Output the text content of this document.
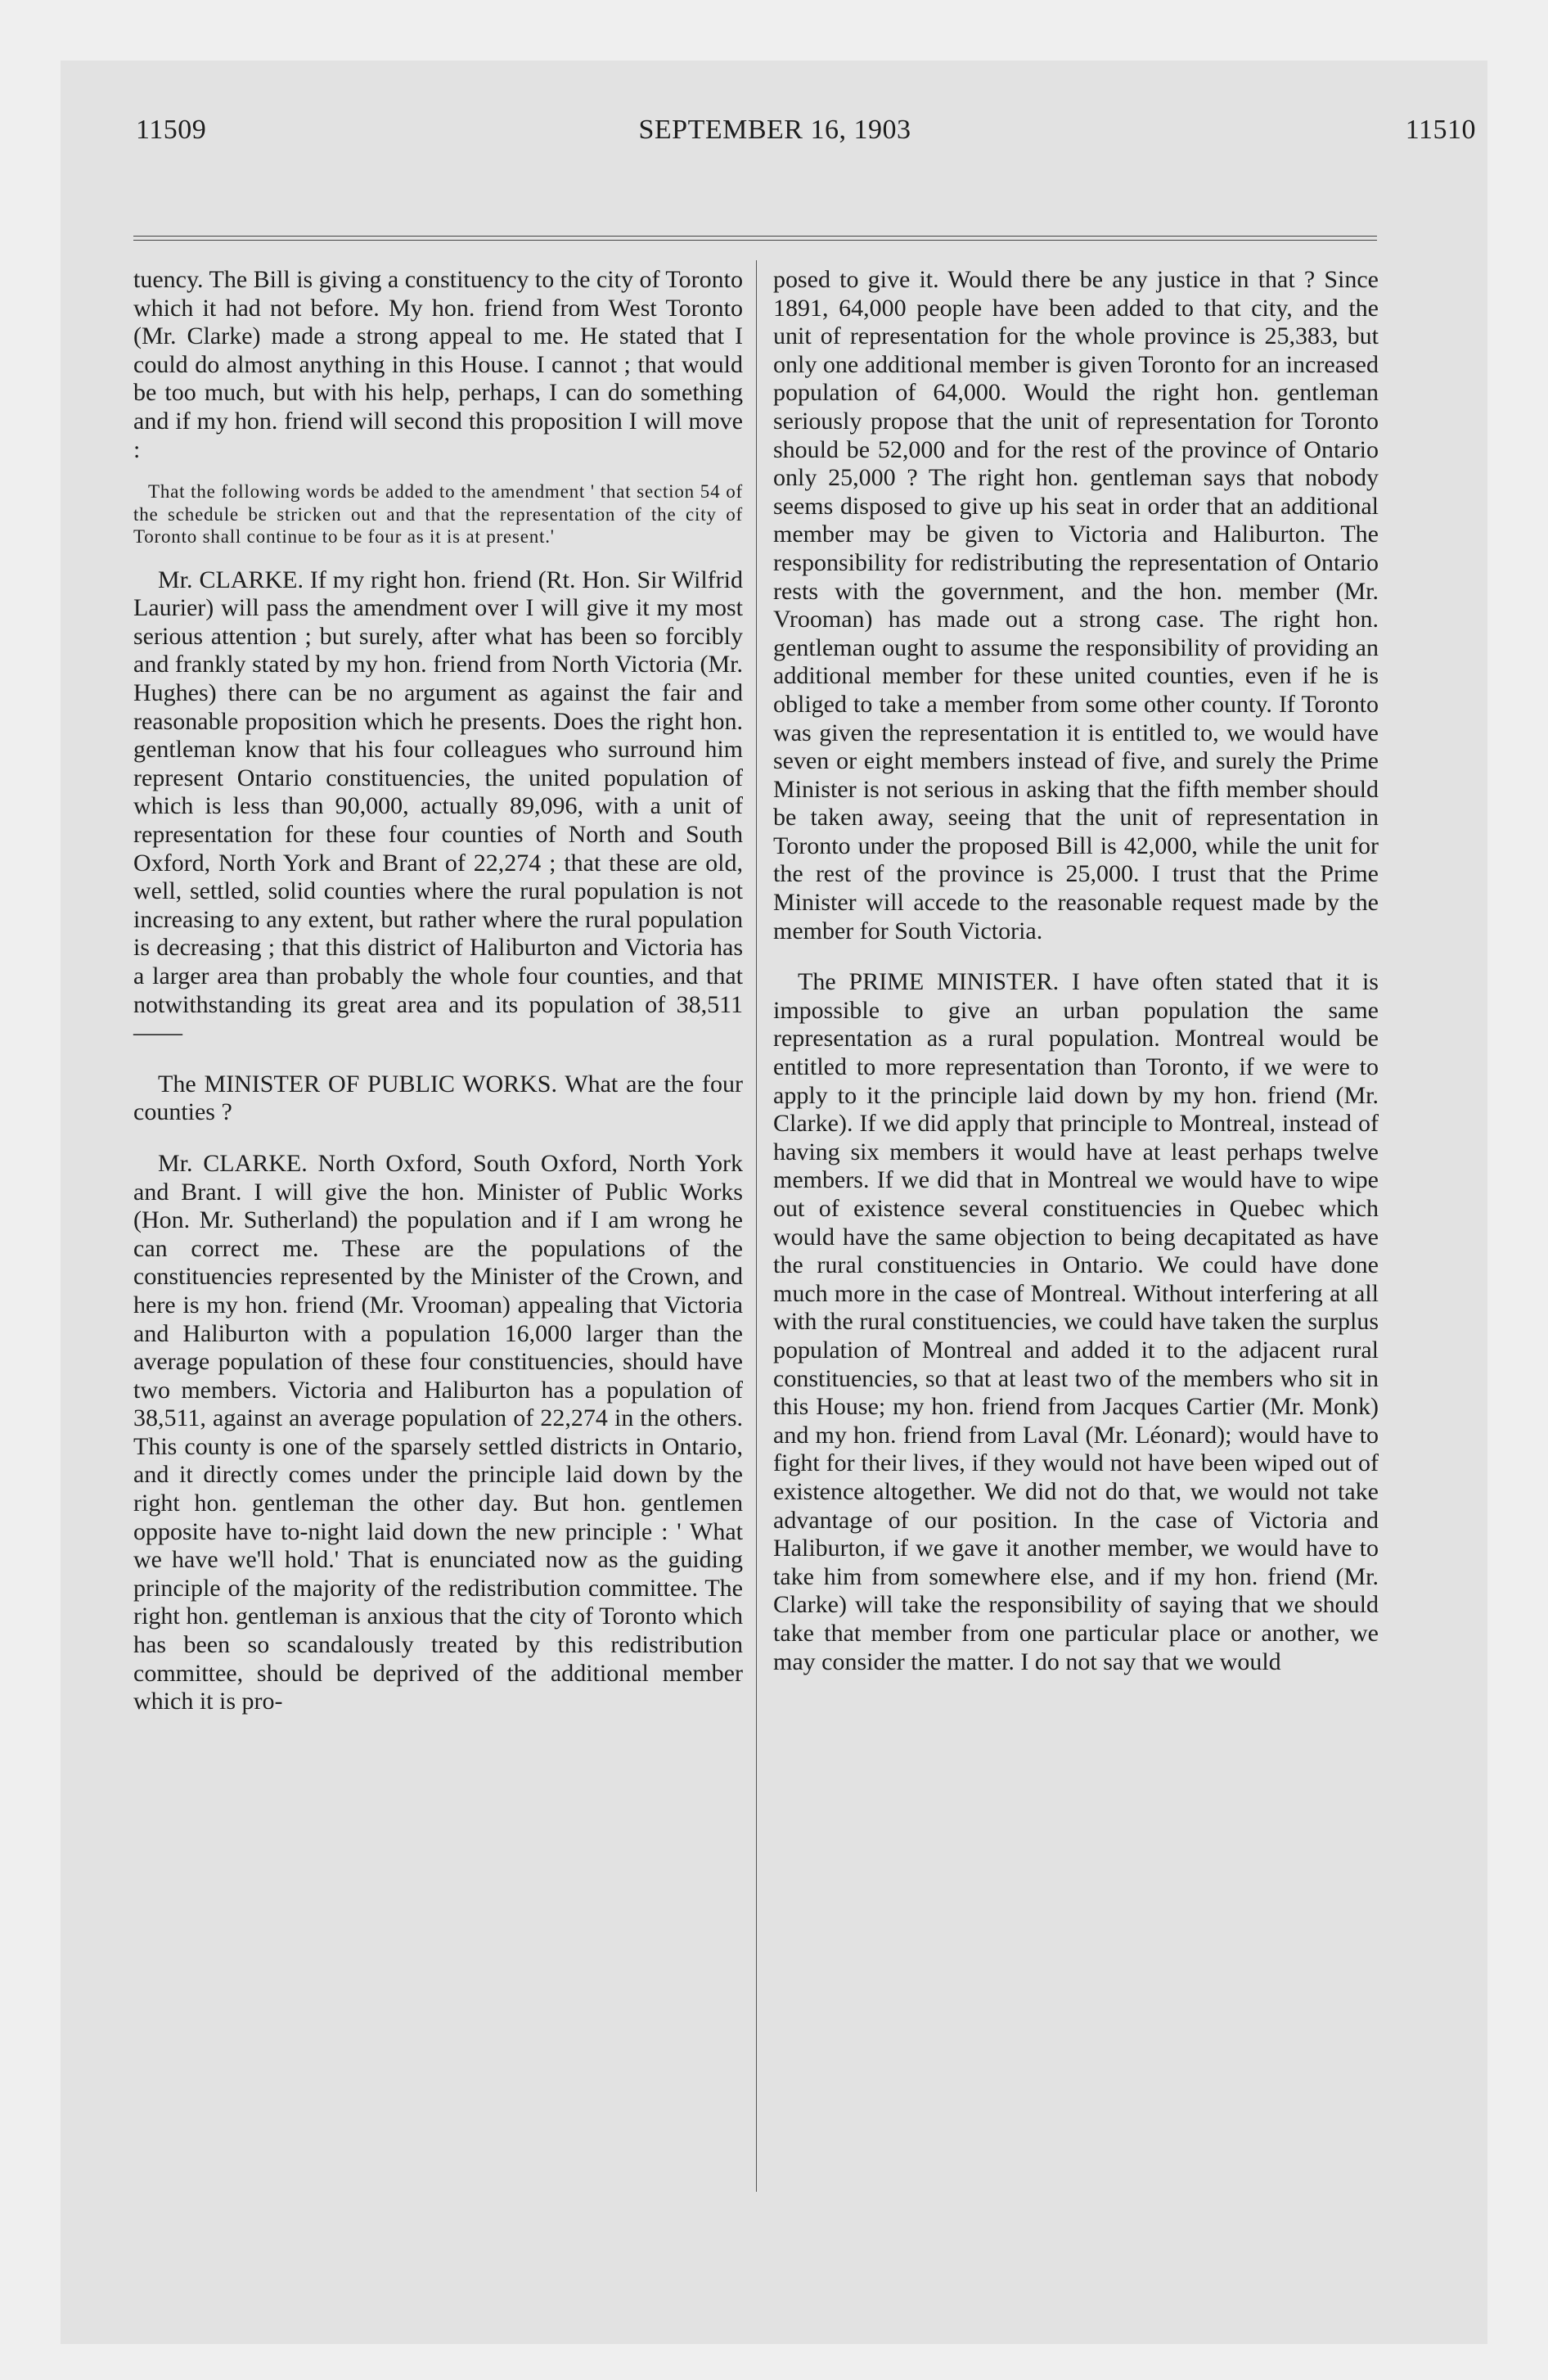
11509	SEPTEMBER 16, 1903	11510

tuency. The Bill is giving a constituency to the city of Toronto which it had not before. My hon. friend from West Toronto (Mr. Clarke) made a strong appeal to me. He stated that I could do almost anything in this House. I cannot ; that would be too much, but with his help, perhaps, I can do something and if my hon. friend will second this proposition I will move :

That the following words be added to the amendment ' that section 54 of the schedule be stricken out and that the representation of the city of Toronto shall continue to be four as it is at present.'

Mr. CLARKE. If my right hon. friend (Rt. Hon. Sir Wilfrid Laurier) will pass the amendment over I will give it my most serious attention ; but surely, after what has been so forcibly and frankly stated by my hon. friend from North Victoria (Mr. Hughes) there can be no argument as against the fair and reasonable proposition which he presents. Does the right hon. gentleman know that his four colleagues who surround him represent Ontario constituencies, the united population of which is less than 90,000, actually 89,096, with a unit of representation for these four counties of North and South Oxford, North York and Brant of 22,274 ; that these are old, well, settled, solid counties where the rural population is not increasing to any extent, but rather where the rural population is decreasing ; that this district of Haliburton and Victoria has a larger area than probably the whole four counties, and that notwithstanding its great area and its population of 38,511——

The MINISTER OF PUBLIC WORKS. What are the four counties ?

Mr. CLARKE. North Oxford, South Oxford, North York and Brant. I will give the hon. Minister of Public Works (Hon. Mr. Sutherland) the population and if I am wrong he can correct me. These are the populations of the constituencies represented by the Minister of the Crown, and here is my hon. friend (Mr. Vrooman) appealing that Victoria and Haliburton with a population 16,000 larger than the average population of these four constituencies, should have two members. Victoria and Haliburton has a population of 38,511, against an average population of 22,274 in the others. This county is one of the sparsely settled districts in Ontario, and it directly comes under the principle laid down by the right hon. gentleman the other day. But hon. gentlemen opposite have to-night laid down the new principle : ' What we have we'll hold.' That is enunciated now as the guiding principle of the majority of the redistribution committee. The right hon. gentleman is anxious that the city of Toronto which has been so scandalously treated by this redistribution committee, should be deprived of the additional member which it is pro-

posed to give it. Would there be any justice in that ? Since 1891, 64,000 people have been added to that city, and the unit of representation for the whole province is 25,383, but only one additional member is given Toronto for an increased population of 64,000. Would the right hon. gentleman seriously propose that the unit of representation for Toronto should be 52,000 and for the rest of the province of Ontario only 25,000 ? The right hon. gentleman says that nobody seems disposed to give up his seat in order that an additional member may be given to Victoria and Haliburton. The responsibility for redistributing the representation of Ontario rests with the government, and the hon. member (Mr. Vrooman) has made out a strong case. The right hon. gentleman ought to assume the responsibility of providing an additional member for these united counties, even if he is obliged to take a member from some other county. If Toronto was given the representation it is entitled to, we would have seven or eight members instead of five, and surely the Prime Minister is not serious in asking that the fifth member should be taken away, seeing that the unit of representation in Toronto under the proposed Bill is 42,000, while the unit for the rest of the province is 25,000. I trust that the Prime Minister will accede to the reasonable request made by the member for South Victoria.

The PRIME MINISTER. I have often stated that it is impossible to give an urban population the same representation as a rural population. Montreal would be entitled to more representation than Toronto, if we were to apply to it the principle laid down by my hon. friend (Mr. Clarke). If we did apply that principle to Montreal, instead of having six members it would have at least perhaps twelve members. If we did that in Montreal we would have to wipe out of existence several constituencies in Quebec which would have the same objection to being decapitated as have the rural constituencies in Ontario. We could have done much more in the case of Montreal. Without interfering at all with the rural constituencies, we could have taken the surplus population of Montreal and added it to the adjacent rural constituencies, so that at least two of the members who sit in this House; my hon. friend from Jacques Cartier (Mr. Monk) and my hon. friend from Laval (Mr. Léonard); would have to fight for their lives, if they would not have been wiped out of existence altogether. We did not do that, we would not take advantage of our position. In the case of Victoria and Haliburton, if we gave it another member, we would have to take him from somewhere else, and if my hon. friend (Mr. Clarke) will take the responsibility of saying that we should take that member from one particular place or another, we may consider the matter. I do not say that we would
